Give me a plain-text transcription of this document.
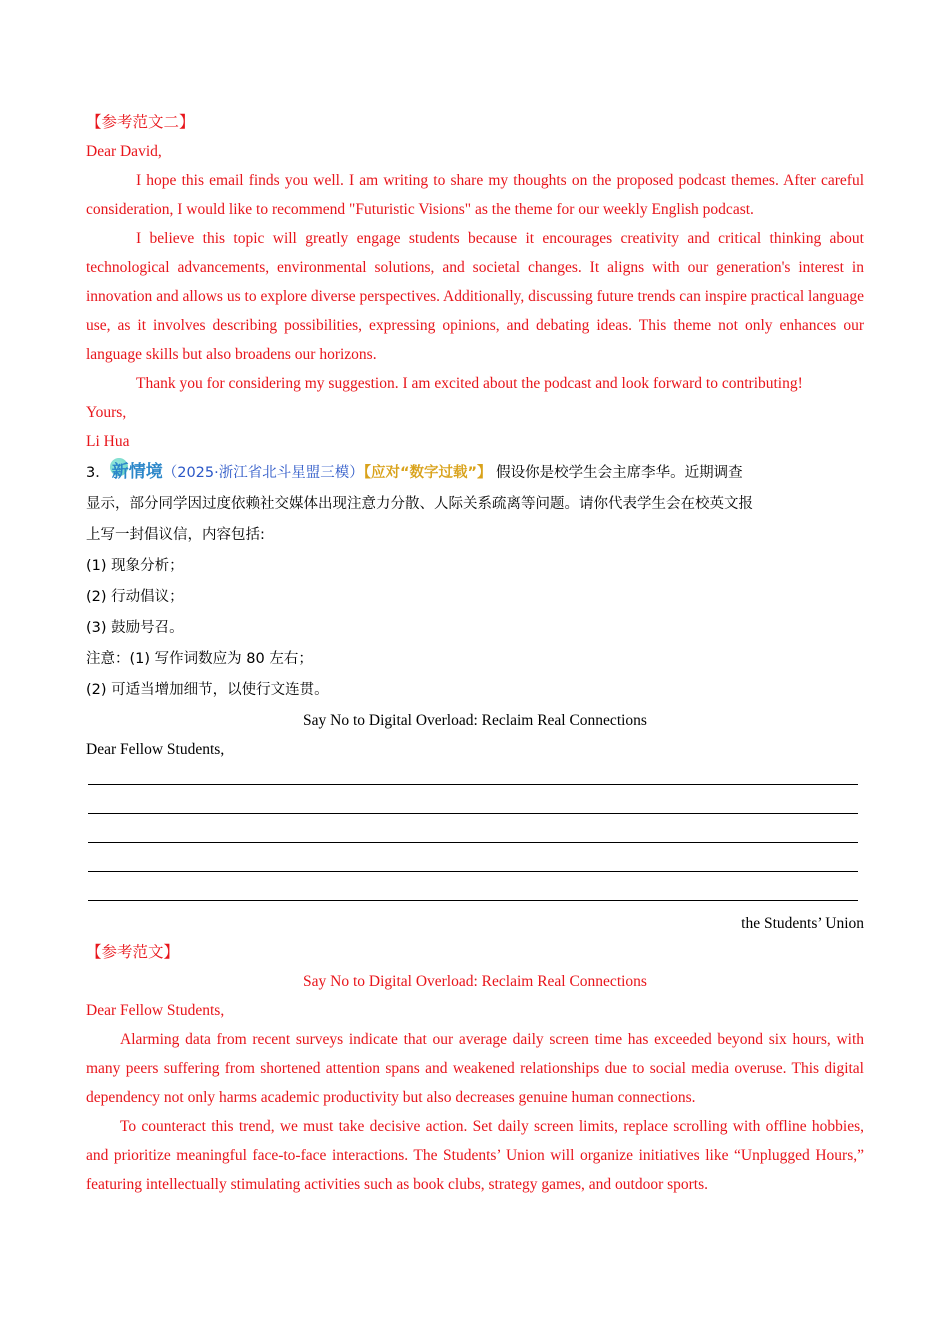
【参考范文二】
Dear David,
I hope this email finds you well. I am writing to share my thoughts on the proposed podcast themes. After careful consideration, I would like to recommend "Futuristic Visions" as the theme for our weekly English podcast.
I believe this topic will greatly engage students because it encourages creativity and critical thinking about technological advancements, environmental solutions, and societal changes. It aligns with our generation's interest in innovation and allows us to explore diverse perspectives. Additionally, discussing future trends can inspire practical language use, as it involves describing possibilities, expressing opinions, and debating ideas. This theme not only enhances our language skills but also broadens our horizons.
Thank you for considering my suggestion. I am excited about the podcast and look forward to contributing!
Yours,
Li Hua
3． 新情境（2025·浙江省北斗星盟三模）【应对“数字过载”】 假设你是校学生会主席李华。近期调查
显示，部分同学因过度依赖社交媒体出现注意力分散、人际关系疏离等问题。请你代表学生会在校英文报
上写一封倡议信，内容包括:
(1) 现象分析；
(2) 行动倡议；
(3) 鼓励号召。
注意：(1) 写作词数应为 80 左右；
(2) 可适当增加细节，以使行文连贯。
Say No to Digital Overload: Reclaim Real Connections
Dear Fellow Students,
the Students’ Union
【参考范文】
Say No to Digital Overload: Reclaim Real Connections
Dear Fellow Students,
Alarming data from recent surveys indicate that our average daily screen time has exceeded beyond six hours, with many peers suffering from shortened attention spans and weakened relationships due to social media overuse. This digital dependency not only harms academic productivity but also decreases genuine human connections.
To counteract this trend, we must take decisive action. Set daily screen limits, replace scrolling with offline hobbies, and prioritize meaningful face-to-face interactions. The Students’ Union will organize initiatives like “Unplugged Hours,” featuring intellectually stimulating activities such as book clubs, strategy games, and outdoor sports.
